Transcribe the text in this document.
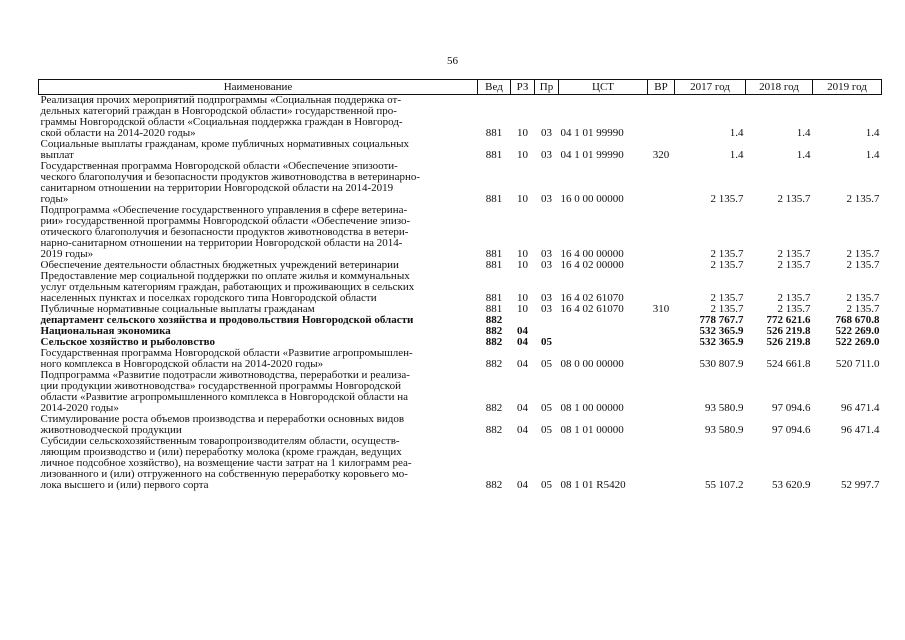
56
Наименование	Вед	РЗ	Пр	ЦСТ	ВР	2017 год	2018 год	2019 год

Реализация прочих мероприятий подпрограммы «Социальная поддержка от-
дельных категорий граждан в Новгородской области» государственной про-
граммы Новгородской области «Социальная поддержка граждан в Новгород-
ской области на 2014-2020 годы»	881	10	03	04 1 01 99990		1.4	1.4	1.4

Социальные выплаты гражданам, кроме публичных нормативных социальных
выплат	881	10	03	04 1 01 99990	320	1.4	1.4	1.4

Государственная программа Новгородской области «Обеспечение эпизооти-
ческого благополучия и безопасности продуктов животноводства в ветеринарно-
санитарном отношении на территории Новгородской области на 2014-2019
годы»	881	10	03	16 0 00 00000		2 135.7	2 135.7	2 135.7

Подпрограмма «Обеспечение государственного управления в сфере ветерина-
рии» государственной программы Новгородской области «Обеспечение эпизо-
отического благополучия и безопасности продуктов животноводства в ветери-
нарно-санитарном отношении на территории Новгородской области на 2014-
2019 годы»	881	10	03	16 4 00 00000		2 135.7	2 135.7	2 135.7

Обеспечение деятельности областных бюджетных учреждений ветеринарии	881	10	03	16 4 02 00000		2 135.7	2 135.7	2 135.7

Предоставление мер социальной поддержки по оплате жилья и коммунальных
услуг отдельным категориям граждан, работающих и проживающих в сельских
населенных пунктах и поселках городского типа Новгородской области	881	10	03	16 4 02 61070		2 135.7	2 135.7	2 135.7

Публичные нормативные социальные выплаты гражданам	881	10	03	16 4 02 61070	310	2 135.7	2 135.7	2 135.7

департамент сельского хозяйства и продовольствия Новгородской области	882					778 767.7	772 621.6	768 670.8

Национальная экономика	882	04				532 365.9	526 219.8	522 269.0

Сельское хозяйство и рыболовство	882	04	05			532 365.9	526 219.8	522 269.0

Государственная программа Новгородской области «Развитие агропромышлен-
ного комплекса в Новгородской области на 2014-2020 годы»	882	04	05	08 0 00 00000		530 807.9	524 661.8	520 711.0

Подпрограмма «Развитие подотрасли животноводства, переработки и реализа-
ции продукции животноводства» государственной программы Новгородской
области «Развитие агропромышленного комплекса в Новгородской области на
2014-2020 годы»	882	04	05	08 1 00 00000		93 580.9	97 094.6	96 471.4

Стимулирование роста объемов производства и переработки основных видов
животноводческой продукции	882	04	05	08 1 01 00000		93 580.9	97 094.6	96 471.4

Субсидии сельскохозяйственным товаропроизводителям области, осуществ-
ляющим производство и (или) переработку молока (кроме граждан, ведущих
личное подсобное хозяйство), на возмещение части затрат на 1 килограмм реа-
лизованного и (или) отгруженного на собственную переработку коровьего мо-
лока высшего и (или) первого сорта	882	04	05	08 1 01 R5420		55 107.2	53 620.9	52 997.7
